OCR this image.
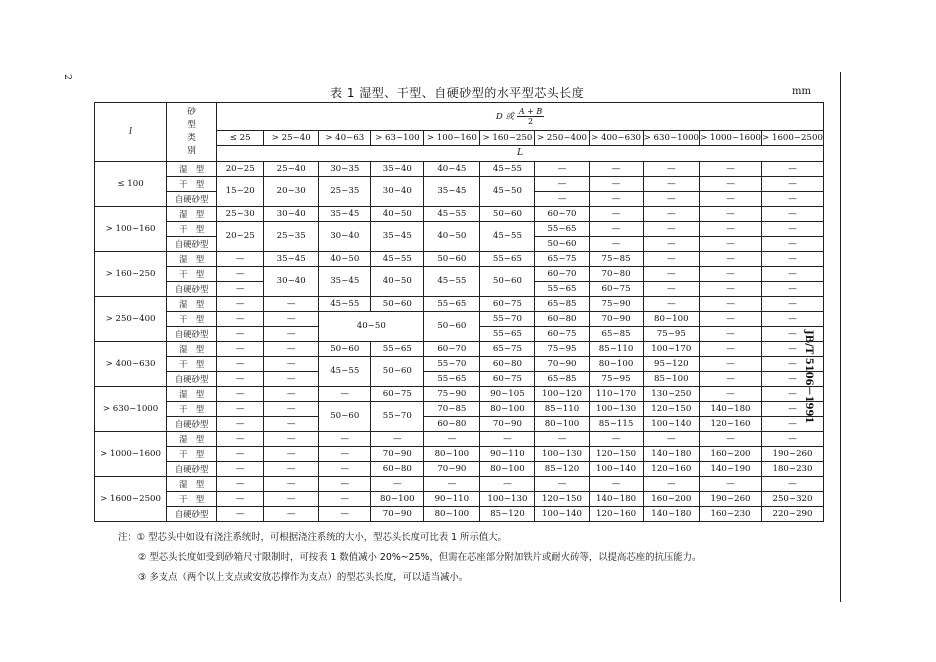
2
表 1 湿型、干型、自硬砂型的水平型芯头长度	mm
JB/T 5106－1991
l	砂
型
类
别	D 或 $\frac{A + B}{2}$

		≤ 25	> 25~40	> 40~63	> 63~100	> 100~160	> 160~250	> 250~400	> 400~630	> 630~1000	> 1000~1600	> 1600~2500
		L										
≤ 100	湿　型	20~25	25~40	30~35	35~40	40~45	45~55	—	—	—	—	—
	干　型	15~20	20~30	25~35	30~40	35~45	45~50	—	—	—	—	—
	自硬砂型							—	—	—	—	—
> 100~160	湿　型	25~30	30~40	35~45	40~50	45~55	50~60	60~70	—	—	—	—
	干　型	20~25	25~35	30~40	35~45	40~50	45~55	55~65	—	—	—	—
	自硬砂型							50~60	—	—	—	—
> 160~250	湿　型	—	35~45	40~50	45~55	50~60	55~65	65~75	75~85	—	—	—
	干　型	—	30~40	35~45	40~50	45~55	50~60	60~70	70~80	—	—	—
	自硬砂型	—						55~65	60~75	—	—	—
> 250~400	湿　型	—	—	45~55	50~60	55~65	60~75	65~85	75~90	—	—	—
	干　型	—	—	40~50		50~60	55~70	60~80	70~90	80~100	—	—
	自硬砂型	—	—				55~65	60~75	65~85	75~95	—	—
> 400~630	湿　型	—	—	50~60	55~65	60~70	65~75	75~95	85~110	100~170	—	—
	干　型	—	—	45~55	50~60	55~70	60~80	70~90	80~100	95~120	—	—
	自硬砂型	—	—			55~65	60~75	65~85	75~95	85~100	—	—
> 630~1000	湿　型	—	—	—	60~75	75~90	90~105	100~120	110~170	130~250	—	—
	干　型	—	—	50~60	55~70	70~85	80~100	85~110	100~130	120~150	140~180	—
	自硬砂型	—	—			60~80	70~90	80~100	85~115	100~140	120~160	—
> 1000~1600	湿　型	—	—	—	—	—	—	—	—	—	—	—
	干　型	—	—	—	70~90	80~100	90~110	100~130	120~150	140~180	160~200	190~260
	自硬砂型	—	—	—	60~80	70~90	80~100	85~120	100~140	120~160	140~190	180~230
> 1600~2500	湿　型	—	—	—	—	—	—	—	—	—	—	—
	干　型	—	—	—	80~100	90~110	100~130	120~150	140~180	160~200	190~260	250~320
	自硬砂型	—	—	—	70~90	80~100	85~120	100~140	120~160	140~180	160~230	220~290
注：① 型芯头中如设有浇注系统时，可根据浇注系统的大小，型芯头长度可比表 1 所示值大。
② 型芯头长度如受到砂箱尺寸限制时，可按表 1 数值减小 20%~25%，但需在芯座部分附加铁片或耐火砖等，以提高芯座的抗压能力。
③ 多支点（两个以上支点或安放芯撑作为支点）的型芯头长度，可以适当减小。
